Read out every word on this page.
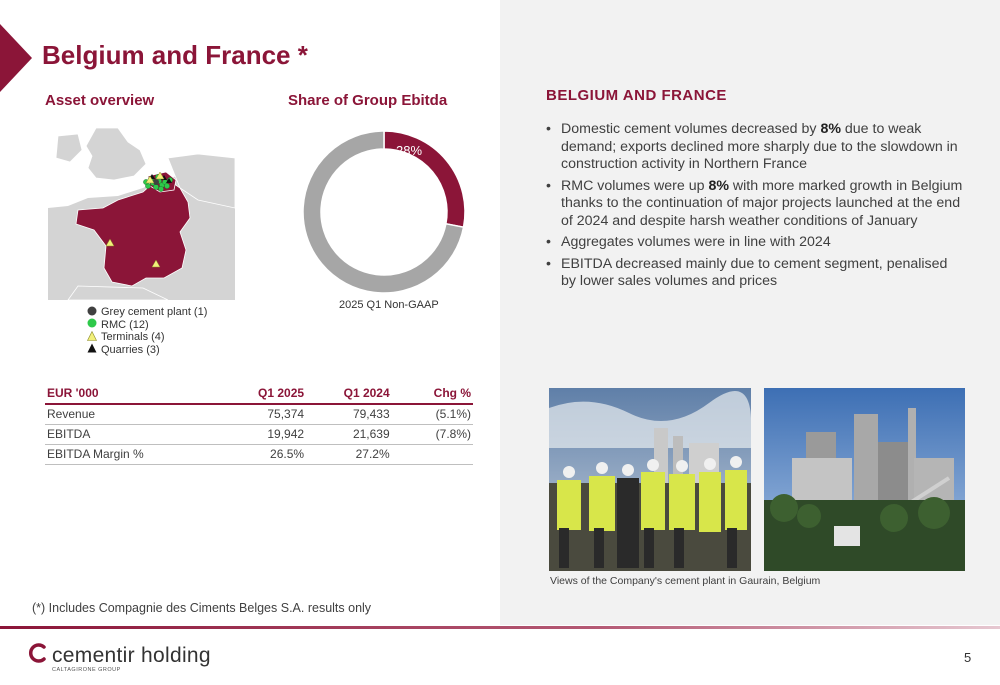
Belgium and France *
Asset overview	Share of Group Ebitda
Grey cement plant (1)
RMC (12)
Terminals (4)
Quarries (3)
28%
2025 Q1 Non-GAAP
BELGIUM AND FRANCE
• Domestic cement volumes decreased by 8% due to weak demand; exports declined more sharply due to the slowdown in construction activity in Northern France
• RMC volumes were up 8% with more marked growth in Belgium thanks to the continuation of major projects launched at the end of 2024 and despite harsh weather conditions of January
• Aggregates volumes were in line with 2024
• EBITDA decreased mainly due to cement segment, penalised by lower sales volumes and prices
EUR '000	Q1 2025	Q1 2024	Chg %
Revenue	75,374	79,433	(5.1%)
EBITDA	19,942	21,639	(7.8%)
EBITDA Margin %	26.5%	27.2%	
Views of the Company's cement plant in Gaurain, Belgium
(*) Includes Compagnie des Ciments Belges S.A. results only
cementir holding
CALTAGIRONE GROUP
5
